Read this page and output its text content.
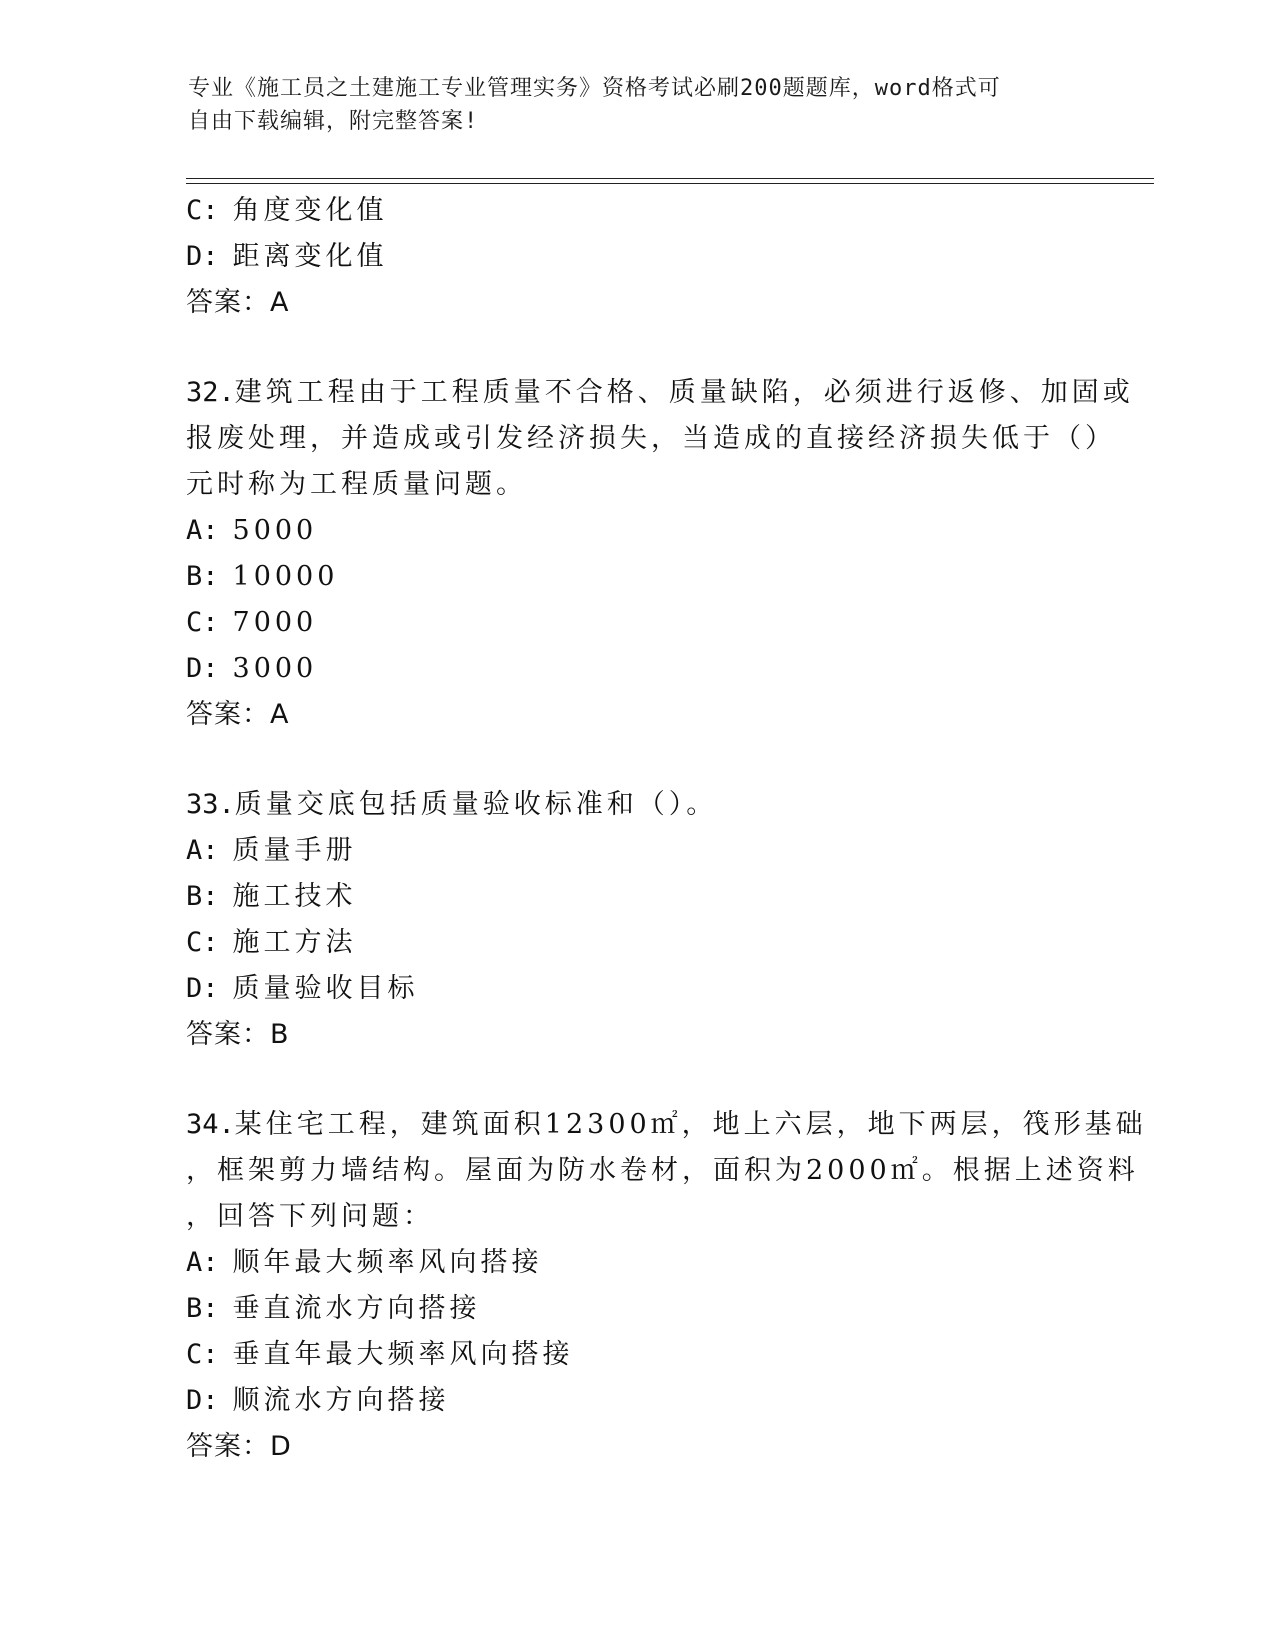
专业《施工员之土建施工专业管理实务》资格考试必刷200题题库，word格式可
自由下载编辑，附完整答案!
C: 角度变化值
D: 距离变化值
答案：A
32.建筑工程由于工程质量不合格、质量缺陷，必须进行返修、加固或
报废处理，并造成或引发经济损失，当造成的直接经济损失低于（）
元时称为工程质量问题。
A: 5000
B: 10000
C: 7000
D: 3000
答案：A
33.质量交底包括质量验收标准和（）。
A: 质量手册
B: 施工技术
C: 施工方法
D: 质量验收目标
答案：B
34.某住宅工程，建筑面积12300㎡，地上六层，地下两层，筏形基础
，框架剪力墙结构。屋面为防水卷材，面积为2000㎡。根据上述资料
，回答下列问题：
A: 顺年最大频率风向搭接
B: 垂直流水方向搭接
C: 垂直年最大频率风向搭接
D: 顺流水方向搭接
答案：D
